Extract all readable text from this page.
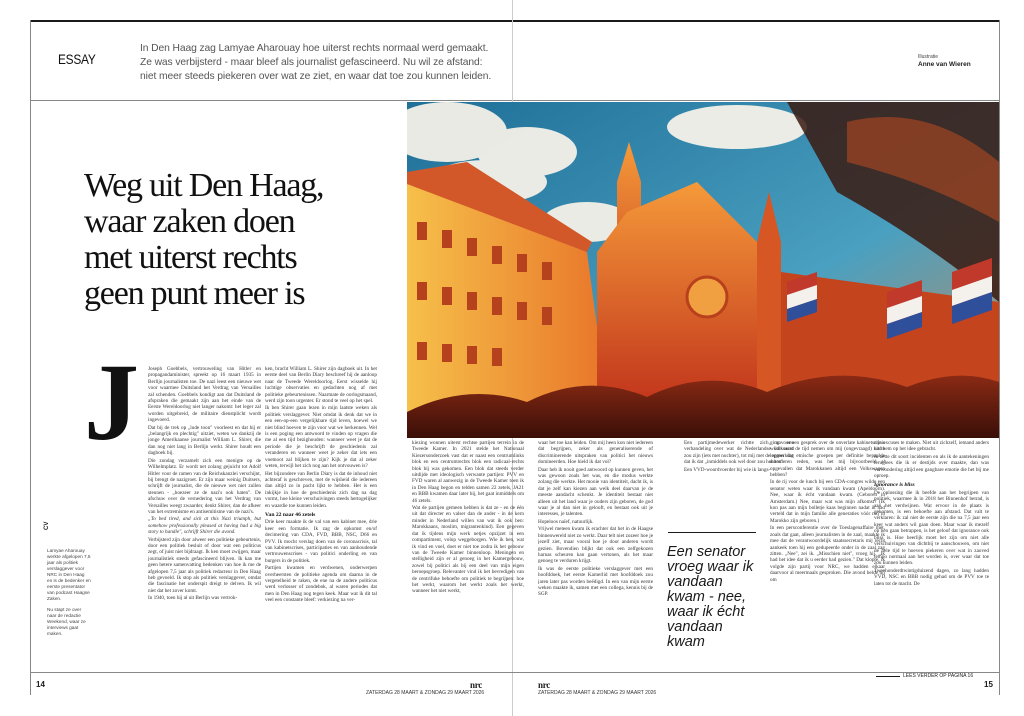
ESSAY
In Den Haag zag Lamyae Aharouay hoe uiterst rechts normaal werd gemaakt.
Ze was verbijsterd - maar bleef als journalist gefascineerd. Nu wil ze afstand:
niet meer steeds piekeren over wat ze ziet, en waar dat toe zou kunnen leiden.
Illustratie
Anne van Wieren
Weg uit Den Haag,
waar zaken doen
met uiterst rechts
geen punt meer is
J
CV

Lamyae Aharouay werkte afgelopen 7,5 jaar als politiek verslaggever voor NRC in Den Haag en is de bedenker en eerste presentator van podcast Haagse Zaken.

Nu stapt ze over naar de redactie Weekend, waar ze interviews gaat maken.

Joseph Goebbels, vertrouweling van Hitler en propagandaminister, spreekt op 16 maart 1935 in Berlijn journalisten toe. De nazi leest een nieuwe wet voor waarmee Duitsland het Verdrag van Versailles zal schenden. Goebbels kondigt aan dat Duitsland de afspraken die gemaakt zijn aan het einde van de Eerste Wereldoorlog niet langer nakomt: het leger zal worden uitgebreid, de militaire dienstplicht wordt ingevoerd.

Dat bij de trek op „lude toon" voorleest en dat hij er „belangrijk en plechtig" uitziet, weten we dankzij de jonge Amerikaanse journalist William L. Shirer, die dan nog niet lang in Berlijn werkt. Shirer houdt een dagboek bij.

Die zondag verzamelt zich een menigte op de Wilhelmplatz. Er wordt net zolang gejuicht tot Adolf Hitler voor de ramen van de Reichskanzlei verschijnt, bij brengt de nazigroet. Er zijn maar weinig Duitsers, schrijft de journalist, die de nieuwe wet niet zullen steunen - „hoezeer ze de nazi's ook haten". De afschuw over de vernedering van het Verdrag van Versailles weegt zwaarder, denkt Shirer, dan de afkeer van het extremisme en antisemitisme van de nazi's.

„To bed tired, and sick at this Nazi triumph, but somehow professionally pleased at having had a big story to handle", schrijft Shirer die avond.

Verbijsterd zijn door alweer een politieke gebeurtenis, door een politiek besluit of door wat een politicus zegt, of juist niet bijdraagt. Ik ken moet zwijgen, maar journalistiek steeds gefascineerd blijven. Ik kan me geen betere samenvatting bedenken van hoe ik me de afgelopen 7,5 jaar als politiek redacteur in Den Haag heb gevoeld. Ik stop als politiek verslaggever, omdat die fascinatie het onderspit dreigt te delven. Ik wil niet dat het zover komt.

In 1940, toen hij al uit Berlijn was vertrok-

ken, bracht William L. Shirer zijn dagboek uit. In het eerste deel van Berlin Diary beschreef hij de aanloop naar de Tweede Wereldoorlog. Eerst wisselde hij luchtige observaties en gedachten nog af met politieke gebeurtenissen. Naarmate de oorlogsmaand, werd zijn toon urgenter. Er stond te veel op het spel.

Ik ben Shirer gaan lezen in mijn laatste weken als politiek verslaggever. Niet omdat ik denk dat we in een een-op-een vergelijkbare tijd leven, hoewel we niet blind hoeven te zijn voor wat we herkennen. Wel is een poging een antwoord te vinden op vragen die me al een tijd bezighouden: wanneer weet je dat de periode die je beschrijft de geschiedenis zal veranderen en wanneer weet je zeker dat iets een voetnoot zal blijken te zijn? Kijk je dat al zeker weten, terwijl het zich nog aan het ontvouwen is?

Het bijzondere van Berlin Diary is dat de inhoud niet achteraf is geschreven, met de wijsheid die iedereen dan altijd zo in pacht lijkt te hebben. Het is een inkijkje in hoe de geschiedenis zich dag na dag vormt, hoe kleine verschuivingen steeds hertogelijker en waardie toe kunnen leiden.

Van 22 naar 46 zetels

Drie keer maakte ik de val van een kabinet mee, drie keer een formatie. Ik zag de opkomst en/of decimering van CDA, FVD, BBB, NSC, D66 en PVV. Ik mocht verslag doen van de coronacrisis, tal van kabinetscrises, participaties en van aanhoudende vertrouwenscrises - van politici onderling en van burgers in de politiek.

Partijen kwamen en verdwenen, onderwerpen overheersten de politieke agenda om daarna in de vergetelheid te raken, de ene na de andere politicus werd verlosser of zondebok, al waren periodes dat men in Den Haag nog tegen keek. Maar wat ik dit tal veel een constante bleef: verkiezing na ver-

kiezing wonnen uiterst rechtse partijen terrein in de Tweede Kamer. In 2021 stelde het Nationaal Kiezersonderzoek vast dat er naast een centrumlinks blok en een centrumrechts blok een radicaal-rechts blok bij was gekomen. Een blok dat steeds verder uitdijde met ideologisch verwante partijen: PVV en FVD waren al aanwezig in de Tweede Kamer toen ik in Den Haag begon en telden samen 22 zetels, JA21 en BBB kwamen daar later bij, het gaat inmiddels om 46 zetels.

Wat de partijen gemeen hebben is dat ze - en de één uit dat directer en valser dan de ander - in de kern minder in Nederland willen van wat ik ook ben: Marokkaans, moslim, migrantenkind). Een gegeven dat ik tijdens mijn werk netjes opzijzet in een compartiment, volop weggeborgen. Wie ik ben, wat ik vind en voel, doet er niet toe zodra ik het gebouw van de Tweede Kamer binnenloop. Meningen en stelligheid zijn er al genoeg in het Kamergebouw, zowel bij politici als bij een deel van mijn eigen beroepsgroep. Relevanter vind ik het bevredigen van de centrifuke behoefte om politiek te begrijpen: hoe het werkt, waarom het werkt zoals het werkt, wanneer het niet werkt,

waar het toe kan leiden. Om mij heen kon niet iedereen dat begrijpen, zeker als generaliserende of discriminerende uitspraken van politici het nieuws domineerden. Hoe hield ik dat vol?

Daar heb ik nooit goed antwoord op kunnen geven, het was gewoon zoals het was, en die modus werkte zolang die werkte. Het mooie van identiteit, dacht ik, is dat je zelf kan kiezen aan welk deel daarvan je de meeste aandacht schenkt. Je identiteit bestaat niet alleen uit het land waar je ouders zijn geboren, de god waar je al dan niet in gelooft, en bestaat ook uit je interesses, je talenten.

Hopeloos naïef, natuurlijk.

Vrijwel meteen kwam ik erachter dat het in de Haagse binnenwereld niet zo werkt. Daar telt niet zozeer hoe je jezelf ziet, maar vooral hoe je door anderen wordt gezien. Bovendien blijkt dat ook een zelfgekozen harnas scheuren kan gaan vertonen, als het maar genoeg te verduren krijgt.

Ik was de eerste politieke verslaggever met een hoofddoek, het eerste Kamerlid met hoofddoek zou jaren later pas worden beëdigd. In een van mijn eerste weken maakte ik, samen met een collega, kennis bij de SGP.

Een partijmedewerker richtte zich, na een verhandeling over wat de Nederlandse volksaard zou zijn (iets met nuchter), tot mij met de opmerking dat ik dat „inmiddels ook wel door zou hebben".

Een VVD-woordvoerder bij wie ik langs-

Een senator vroeg waar ik vandaan kwam - nee, waar ik écht vandaan kwam

ging voor een gesprek over de onverlate kabinetscrisis wilde eerst de tijd nemen om mij (ongevraagd) uit te leggen dat etnische groepen per definitie bepaalde automeren reden, was het mij bijvoorbeeld al opgevallen dat Marokkanen altijd een Volkswagen hebben?

In de rij voor de lunch bij een CDA-congres wilde een senator weten waar ik vandaan kwam (Apeldoorn). Nee, waar ik écht vandaan kwam. (Geboren in Amsterdam.) Nee, maar wat was mijn afkomst? (Ik kon pas aan mijn bolletje kaas beginnen nadat ik had verteld dat in mijn familie alle generaties vóór mij in Marokko zijn geboren.)

In een persconferentie over de Toeslagenaffaire met, zoals dat gaat, alleen journalisten in de zaal, maakte ik mee dat de verantwoordelijk staatssecretaris mij recht aankeek toen hij een gedupeerde onder in de zaal zag zitten. „Nee", zei ik. „Misschien niet", vroeg hij. „Ik had het idee dat ik u eerder had gezien." Dat klopte, ik volgde zijn partij voor NRC, we hadden elkaar daarvoor al meermaals gesproken. Die avond belde hij om

zijn excuses te maken. Niet uit zichzelf, iemand anders had hem op het idee gebracht.

Ik zette dit soort incidenten en als ik de aantekeningen teruglees die ik er destijds over maakte, dan was verwondering altijd een gangbare emotie die het bij me oproep.

Ignorance is bliss

De oplossing die ik beefde aan het begrijpen van politiek, waarmee ik in 2018 het Binnenhof betrad, is aan het verdwijnen. Wat ervoor in de plaats is gekomen, is een behoefte aan afstand. Dat valt te verklaren: ik zal niet de eerste zijn die na 7,5 jaar een keer wat anders wil gaan doen. Maar waar ik mezelf op ben gaan betrappen, is het geloof dat ignorance ook bliss is. Hoe heerlijk moet het zijn om niet alle verschuivingen van dichtbij te aanschouwen, om niet de hele tijd te hoeven piekeren over wat in zaoved tempo normaal aan het worden is, over waar dat toe zou kunnen leiden.

Tweehonderdtwintigduizend dagen, zo lang hadden VVD, NSC en BBB nodig gehad om de PVV toe te laten tot de macht. De

LEES VERDER OP PAGINA 16
14	nrc
ZATERDAG 28 MAART & ZONDAG 29 MAART 2026
nrc
ZATERDAG 28 MAART & ZONDAG 29 MAART 2026
15
